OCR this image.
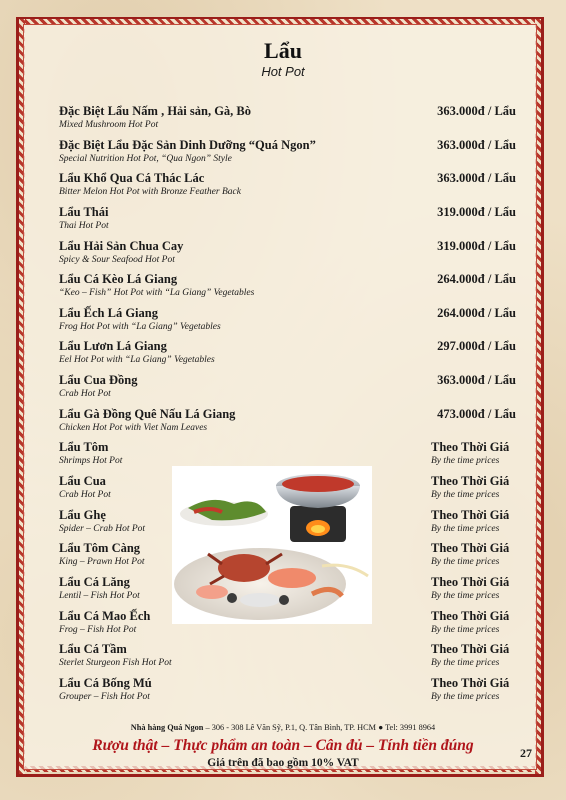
Lẩu
Hot Pot
Đặc Biệt Lẩu Nấm , Hải sản, Gà, Bò
Mixed Mushroom Hot Pot
363.000đ / Lẩu
Đặc Biệt Lẩu Đặc Sản Dinh Dưỡng “Quá Ngon”
Special Nutrition Hot Pot, “Qua Ngon” Style
363.000đ / Lẩu
Lẩu Khổ Qua Cá Thác Lác
Bitter Melon Hot Pot with Bronze Feather Back
363.000đ / Lẩu
Lẩu Thái
Thai Hot Pot
319.000đ / Lẩu
Lẩu Hải Sản Chua Cay
Spicy & Sour Seafood Hot Pot
319.000đ / Lẩu
Lẩu Cá Kèo Lá Giang
“Keo – Fish” Hot Pot with “La Giang” Vegetables
264.000đ / Lẩu
Lẩu Ếch Lá Giang
Frog Hot Pot with “La Giang” Vegetables
264.000đ / Lẩu
Lẩu Lươn Lá Giang
Eel Hot Pot with “La Giang” Vegetables
297.000đ / Lẩu
Lẩu Cua Đồng
Crab Hot Pot
363.000đ / Lẩu
Lẩu Gà Đồng Quê Nấu Lá Giang
Chicken Hot Pot with Viet Nam Leaves
473.000đ / Lẩu
Lẩu Tôm
Shrimps Hot Pot
Theo Thời Giá
By the time prices
Lẩu Cua
Crab Hot Pot
Theo Thời Giá
By the time prices
Lẩu Ghẹ
Spider – Crab Hot Pot
Theo Thời Giá
By the time prices
Lẩu Tôm Càng
King – Prawn Hot Pot
Theo Thời Giá
By the time prices
Lẩu Cá Lăng
Lentil – Fish Hot Pot
Theo Thời Giá
By the time prices
Lẩu Cá Mao Ếch
Frog – Fish Hot Pot
Theo Thời Giá
By the time prices
Lẩu Cá Tầm
Sterlet Sturgeon Fish Hot Pot
Theo Thời Giá
By the time prices
Lẩu Cá Bống Mú
Grouper – Fish Hot Pot
Theo Thời Giá
By the time prices
Nhà hàng Quá Ngon – 306 - 308 Lê Văn Sỹ, P.1, Q. Tân Bình, TP. HCM ● Tel: 3991 8964
Rượu thật – Thực phẩm an toàn – Cân đủ – Tính tiền đúng
Giá trên đã bao gồm 10% VAT
27
